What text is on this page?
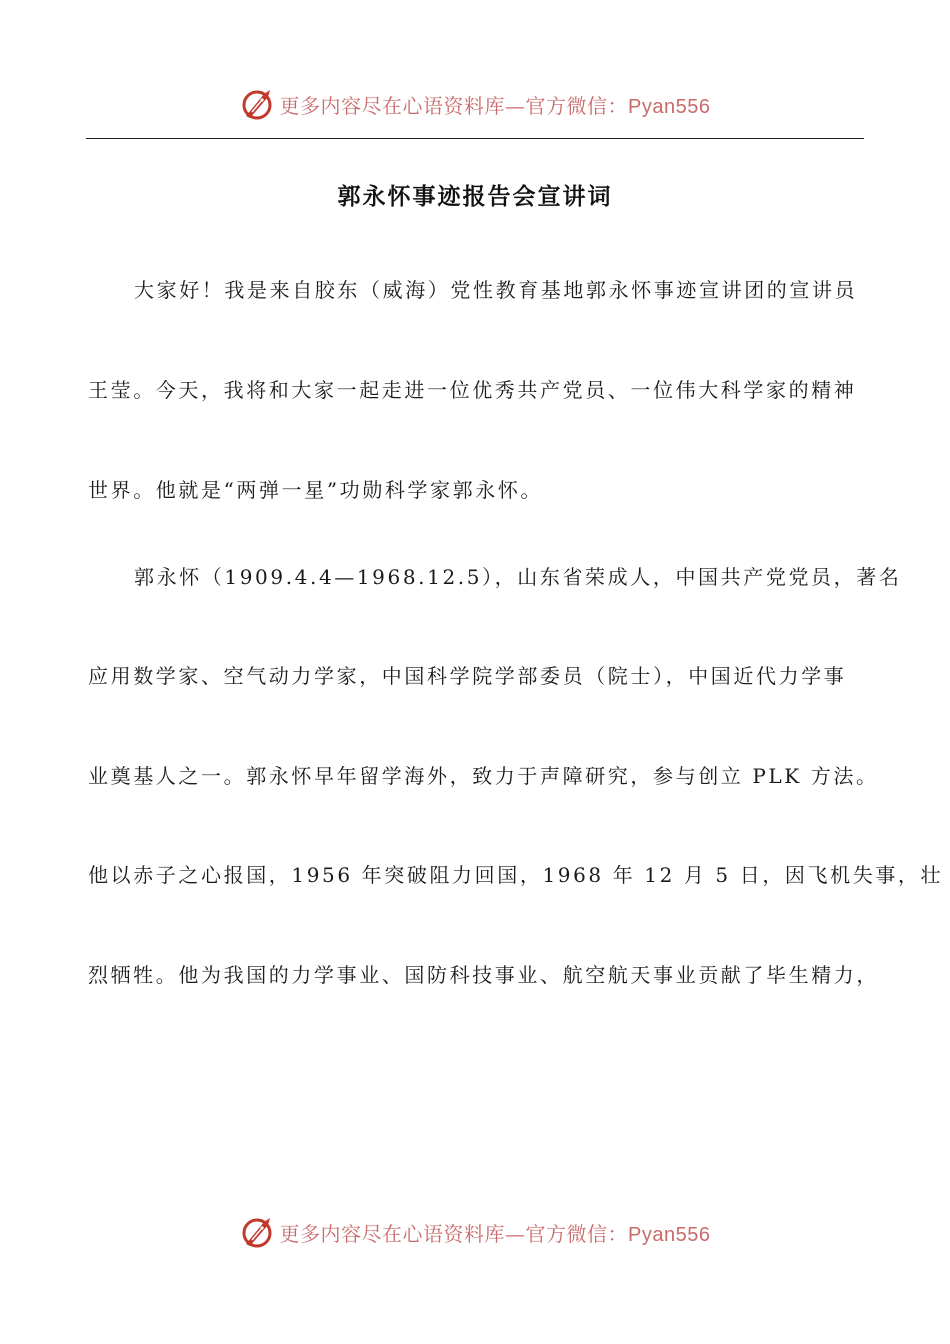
更多内容尽在心语资料库—官方微信：Pyan556
郭永怀事迹报告会宣讲词
大家好！我是来自胶东（威海）党性教育基地郭永怀事迹宣讲团的宣讲员
王莹。今天，我将和大家一起走进一位优秀共产党员、一位伟大科学家的精神
世界。他就是“两弹一星”功勋科学家郭永怀。
郭永怀（1909.4.4—1968.12.5），山东省荣成人，中国共产党党员，著名
应用数学家、空气动力学家，中国科学院学部委员（院士），中国近代力学事
业奠基人之一。郭永怀早年留学海外，致力于声障研究，参与创立 PLK 方法。
他以赤子之心报国，1956 年突破阻力回国，1968 年 12 月 5 日，因飞机失事，壮
烈牺牲。他为我国的力学事业、国防科技事业、航空航天事业贡献了毕生精力，
更多内容尽在心语资料库—官方微信：Pyan556
